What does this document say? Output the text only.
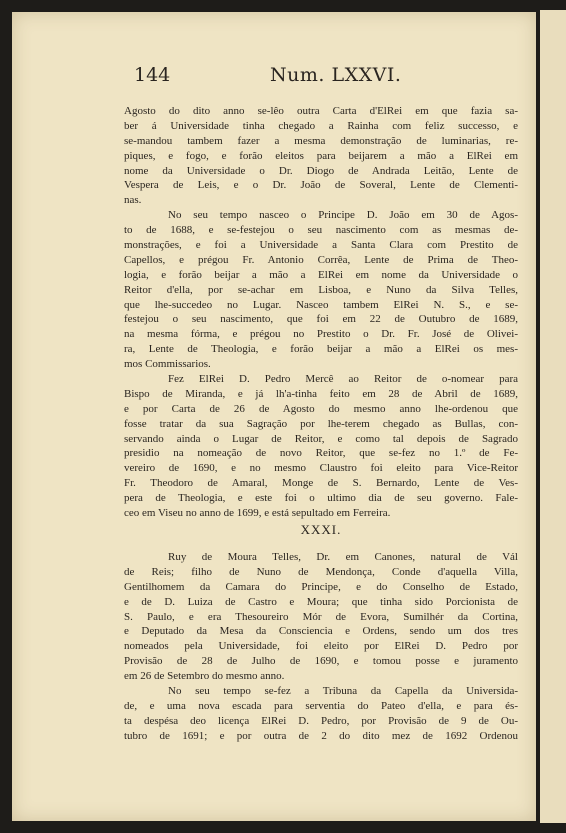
144	Num. LXXVI.
Agosto do dito anno se-lêo outra Carta d'ElRei em que fazia sa-
ber á Universidade tinha chegado a Rainha com feliz successo, e
se-mandou tambem fazer a mesma demonstração de luminarias, re-
piques, e fogo, e forão eleitos para beijarem a mão a ElRei em
nome da Universidade o Dr. Diogo de Andrada Leitão, Lente de
Vespera de Leis, e o Dr. João de Soveral, Lente de Clementi-
nas.
No seu tempo nasceo o Principe D. João em 30 de Agos-
to de 1688, e se-festejou o seu nascimento com as mesmas de-
monstrações, e foi a Universidade a Santa Clara com Prestito de
Capellos, e prégou Fr. Antonio Corrêa, Lente de Prima de Theo-
logia, e forão beijar a mão a ElRei em nome da Universidade o
Reitor d'ella, por se-achar em Lisboa, e Nuno da Silva Telles,
que lhe-succedeo no Lugar. Nasceo tambem ElRei N. S., e se-
festejou o seu nascimento, que foi em 22 de Outubro de 1689,
na mesma fórma, e prégou no Prestito o Dr. Fr. José de Olivei-
ra, Lente de Theologia, e forão beijar a mão a ElRei os mes-
mos Commissarios.
Fez ElRei D. Pedro Mercê ao Reitor de o-nomear para
Bispo de Miranda, e já lh'a-tinha feito em 28 de Abril de 1689,
e por Carta de 26 de Agosto do mesmo anno lhe-ordenou que
fosse tratar da sua Sagração por lhe-terem chegado as Bullas, con-
servando ainda o Lugar de Reitor, e como tal depois de Sagrado
presidio na nomeação de novo Reitor, que se-fez no 1.º de Fe-
vereiro de 1690, e no mesmo Claustro foi eleito para Vice-Reitor
Fr. Theodoro de Amaral, Monge de S. Bernardo, Lente de Ves-
pera de Theologia, e este foi o ultimo dia de seu governo. Fale-
ceo em Viseu no anno de 1699, e está sepultado em Ferreira.
XXXI.
Ruy de Moura Telles, Dr. em Canones, natural de Vál
de Reis; filho de Nuno de Mendonça, Conde d'aquella Villa,
Gentilhomem da Camara do Principe, e do Conselho de Estado,
e de D. Luiza de Castro e Moura; que tinha sido Porcionista de
S. Paulo, e era Thesoureiro Mór de Evora, Sumilhér da Cortina,
e Deputado da Mesa da Consciencia e Ordens, sendo um dos tres
nomeados pela Universidade, foi eleito por ElRei D. Pedro por
Provisão de 28 de Julho de 1690, e tomou posse e juramento
em 26 de Setembro do mesmo anno.
No seu tempo se-fez a Tribuna da Capella da Universida-
de, e uma nova escada para serventia do Pateo d'ella, e para és-
ta despésa deo licença ElRei D. Pedro, por Provisão de 9 de Ou-
tubro de 1691; e por outra de 2 do dito mez de 1692 Ordenou
